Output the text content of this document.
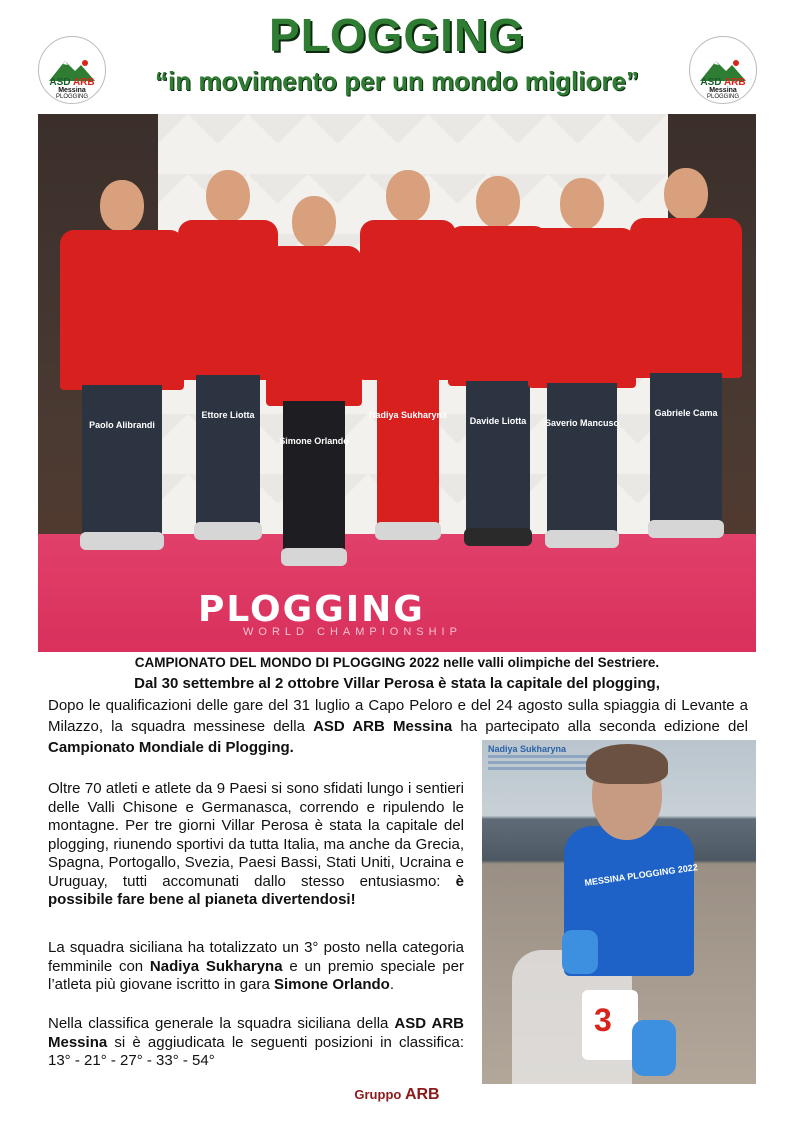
ASD ARB
Messina
PLOGGING
ASD ARB
Messina
PLOGGING
PLOGGING
“in movimento per un mondo migliore”
PLOGGING
WORLD CHAMPIONSHIP
Paolo Alibrandi
Ettore Liotta
Simone Orlando
Nadiya Sukharyna
Davide Liotta	Saverio Mancuso
Gabriele Cama
CAMPIONATO DEL MONDO DI PLOGGING 2022 nelle valli olimpiche del Sestriere.
Dal 30 settembre al 2 ottobre Villar Perosa è stata la capitale del plogging,
Dopo le qualificazioni delle gare del 31 luglio a Capo Peloro e del 24 agosto sulla spiaggia di Levante a Milazzo, la squadra messinese della ASD ARB Messina ha partecipato alla seconda edizione del Campionato Mondiale di Plogging.
Oltre 70 atleti e atlete da 9 Paesi si sono sfidati lungo i sentieri delle Valli Chisone e Germanasca, correndo e ripulendo le montagne. Per tre giorni Villar Perosa è stata la capitale del plogging, riunendo sportivi da tutta Italia, ma anche da Grecia, Spagna, Portogallo, Svezia, Paesi Bassi, Stati Uniti, Ucraina e Uruguay, tutti accomunati dallo stesso entusiasmo: è possibile fare bene al pianeta divertendosi!
La squadra siciliana ha totalizzato un 3° posto nella categoria femminile con Nadiya Sukharyna e un premio speciale per l’atleta più giovane iscritto in gara Simone Orlando.
Nella classifica generale la squadra siciliana della ASD ARB Messina si è aggiudicata le seguenti posizioni in classifica: 13° - 21° - 27° - 33° - 54°
Nadiya Sukharyna
MESSINA PLOGGING 2022
3
Gruppo ARB
